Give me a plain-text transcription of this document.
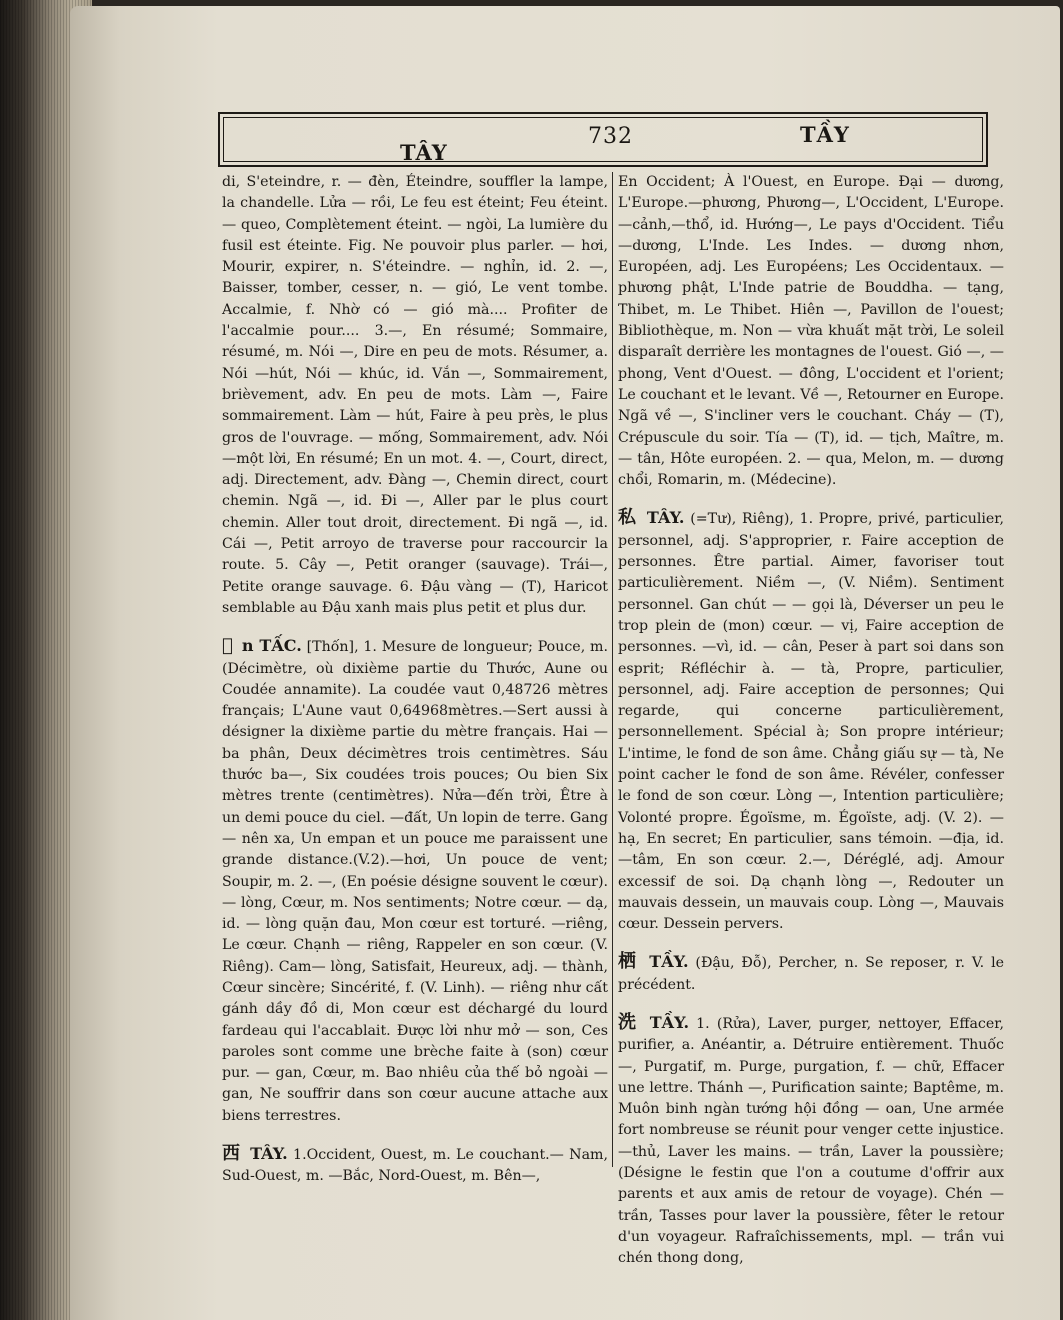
TÂY
732	TẦY

di, S'eteindre, r. — đèn, Éteindre, souffler la lampe, la chandelle. Lửa — rồi, Le feu est éteint; Feu éteint. — queo, Complètement éteint. — ngòi, La lumière du fusil est éteinte. Fig. Ne pouvoir plus parler. — hơi, Mourir, expirer, n. S'éteindre. — nghỉn, id. 2. —, Baisser, tomber, cesser, n. — gió, Le vent tombe. Accalmie, f. Nhờ có — gió mà.... Profiter de l'accalmie pour.... 3.—, En résumé; Sommaire, résumé, m. Nói —, Dire en peu de mots. Résumer, a. Nói —hút, Nói — khúc, id. Vắn —, Sommairement, brièvement, adv. En peu de mots. Làm —, Faire sommairement. Làm — hút, Faire à peu près, le plus gros de l'ouvrage. — mống, Sommairement, adv. Nói—một lời, En résumé; En un mot. 4. —, Court, direct, adj. Directement, adv. Đàng —, Chemin direct, court chemin. Ngã —, id. Đi —, Aller par le plus court chemin. Aller tout droit, directement. Đi ngã —, id. Cái —, Petit arroyo de traverse pour raccourcir la route. 5. Cây —, Petit oranger (sauvage). Trái—, Petite orange sauvage. 6. Đậu vàng — (T), Haricot semblable au Đậu xanh mais plus petit et plus dur.

𡬷 n TẤC. [Thốn], 1. Mesure de longueur; Pouce, m. (Décimètre, où dixième partie du Thước, Aune ou Coudée annamite). La coudée vaut 0,48726 mètres français; L'Aune vaut 0,64968mètres.—Sert aussi à désigner la dixième partie du mètre français. Hai — ba phân, Deux décimètres trois centimètres. Sáu thước ba—, Six coudées trois pouces; Ou bien Six mètres trente (centimètres). Nửa—đến trời, Être à un demi pouce du ciel. —đất, Un lopin de terre. Gang — nên xa, Un empan et un pouce me paraissent une grande distance.(V.2).—hơi, Un pouce de vent; Soupir, m. 2. —, (En poésie désigne souvent le cœur). — lòng, Cœur, m. Nos sentiments; Notre cœur. — dạ, id. — lòng quặn đau, Mon cœur est torturé. —riêng, Le cœur. Chạnh — riêng, Rappeler en son cœur. (V. Riêng). Cam— lòng, Satisfait, Heureux, adj. — thành, Cœur sincère; Sincérité, f. (V. Linh). — riêng như cất gánh dầy đồ di, Mon cœur est déchargé du lourd fardeau qui l'accablait. Được lời như mở — son, Ces paroles sont comme une brèche faite à (son) cœur pur. — gan, Cœur, m. Bao nhiêu của thế bỏ ngoài — gan, Ne souffrir dans son cœur aucune attache aux biens terrestres.

西 TÂY. 1.Occident, Ouest, m. Le couchant.— Nam, Sud-Ouest, m. —Bắc, Nord-Ouest, m. Bên—,

En Occident; À l'Ouest, en Europe. Đại — dương, L'Europe.—phương, Phương—, L'Occident, L'Europe.—cảnh,—thổ, id. Hướng—, Le pays d'Occident. Tiểu —dương, L'Inde. Les Indes. — dương nhơn, Européen, adj. Les Européens; Les Occidentaux. — phương phật, L'Inde patrie de Bouddha. — tạng, Thibet, m. Le Thibet. Hiên —, Pavillon de l'ouest; Bibliothèque, m. Non — vừa khuất mặt trời, Le soleil disparaît derrière les montagnes de l'ouest. Gió —, — phong, Vent d'Ouest. — đông, L'occident et l'orient; Le couchant et le levant. Về —, Retourner en Europe. Ngã về —, S'incliner vers le couchant. Cháy — (T), Crépuscule du soir. Tía — (T), id. — tịch, Maître, m. — tân, Hôte européen. 2. — qua, Melon, m. — dương chổi, Romarin, m. (Médecine).

私 TÂY. (=Tư), Riêng), 1. Propre, privé, particulier, personnel, adj. S'approprier, r. Faire acception de personnes. Être partial. Aimer, favoriser tout particulièrement. Niềm —, (V. Niềm). Sentiment personnel. Gan chút — — gọi là, Déverser un peu le trop plein de (mon) cœur. — vị, Faire acception de personnes. —vì, id. — cân, Peser à part soi dans son esprit; Réfléchir à. — tà, Propre, particulier, personnel, adj. Faire acception de personnes; Qui regarde, qui concerne particulièrement, personnellement. Spécial à; Son propre intérieur; L'intime, le fond de son âme. Chẳng giấu sự — tà, Ne point cacher le fond de son âme. Révéler, confesser le fond de son cœur. Lòng —, Intention particulière; Volonté propre. Égoïsme, m. Égoïste, adj. (V. 2). — hạ, En secret; En particulier, sans témoin. —địa, id. —tâm, En son cœur. 2.—, Déréglé, adj. Amour excessif de soi. Dạ chạnh lòng —, Redouter un mauvais dessein, un mauvais coup. Lòng —, Mauvais cœur. Dessein pervers.

栖 TẦY. (Đậu, Đỗ), Percher, n. Se reposer, r. V. le précédent.

洗 TẦY. 1. (Rửa), Laver, purger, nettoyer, Effacer, purifier, a. Anéantir, a. Détruire entièrement. Thuốc —, Purgatif, m. Purge, purgation, f. — chữ, Effacer une lettre. Thánh —, Purification sainte; Baptême, m. Muôn binh ngàn tướng hội đồng — oan, Une armée fort nombreuse se réunit pour venger cette injustice.—thủ, Laver les mains. — trần, Laver la poussière; (Désigne le festin que l'on a coutume d'offrir aux parents et aux amis de retour de voyage). Chén — trần, Tasses pour laver la poussière, fêter le retour d'un voyageur. Rafraîchissements, mpl. — trần vui chén thong dong,
